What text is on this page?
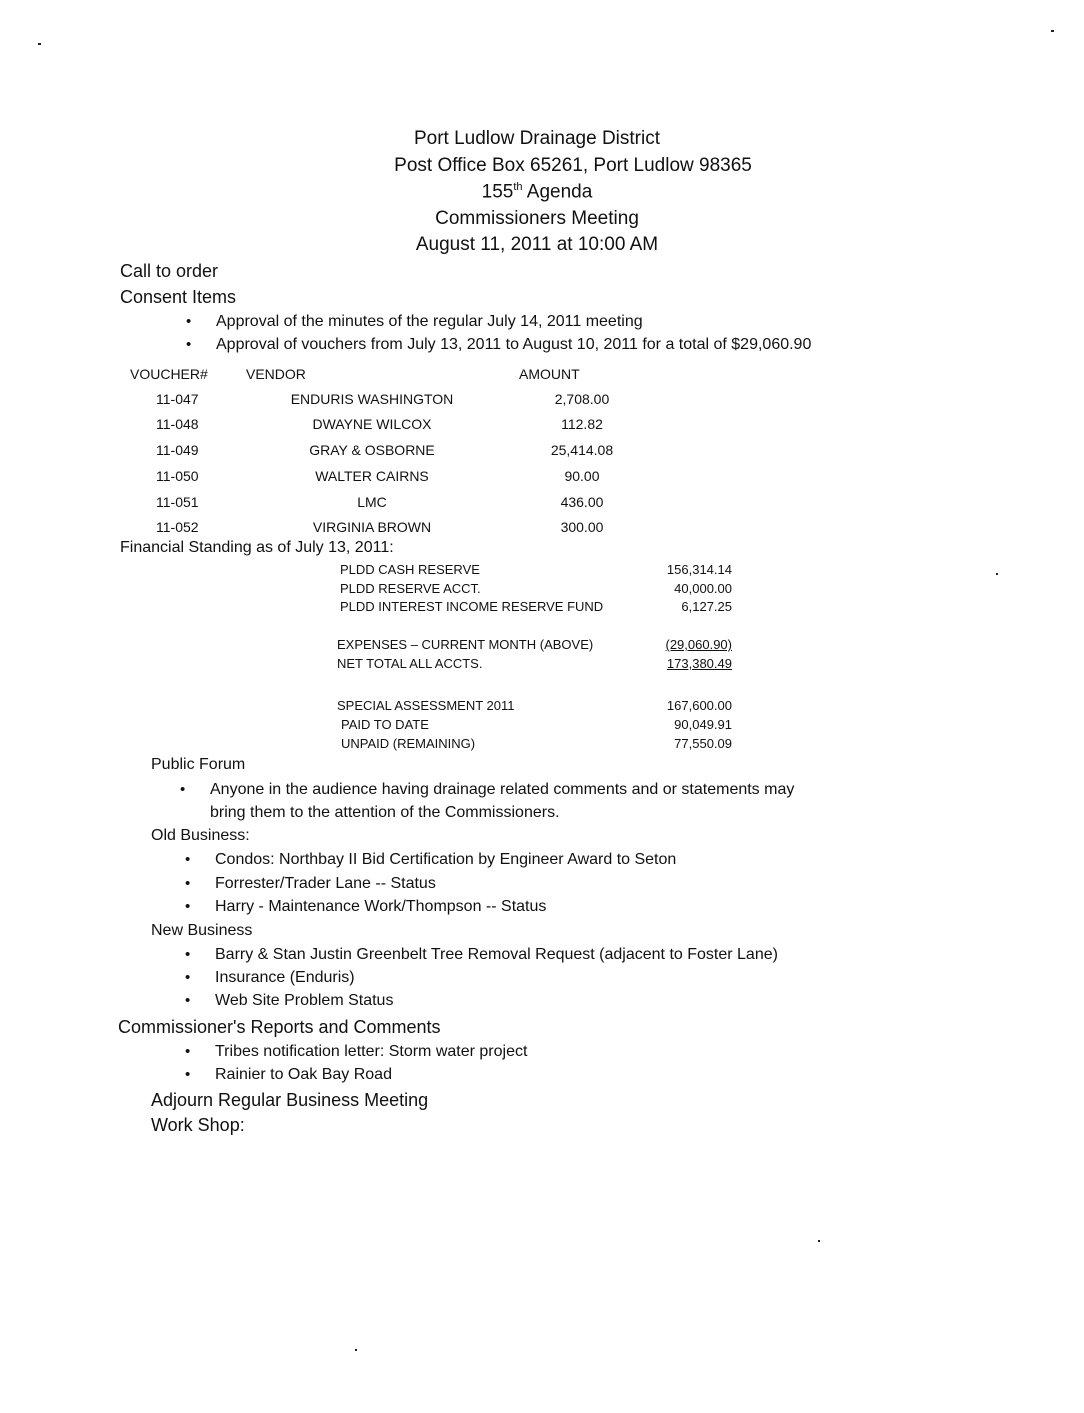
Port Ludlow Drainage District
Post Office Box 65261, Port Ludlow 98365
155th Agenda
Commissioners Meeting
August 11, 2011 at 10:00 AM
Call to order
Consent Items
• Approval of the minutes of the regular July 14, 2011 meeting
• Approval of vouchers from July 13, 2011 to August 10, 2011 for a total of $29,060.90
VOUCHER#	VENDOR	AMOUNT
11-047	ENDURIS WASHINGTON	2,708.00
11-048	DWAYNE WILCOX	112.82
11-049	GRAY & OSBORNE	25,414.08
11-050	WALTER CAIRNS	90.00
11-051	LMC	436.00
11-052	VIRGINIA BROWN	300.00
Financial Standing as of July 13, 2011:
PLDD CASH RESERVE	156,314.14
PLDD RESERVE ACCT.	40,000.00
PLDD INTEREST INCOME RESERVE FUND	6,127.25
EXPENSES – CURRENT MONTH (ABOVE)	(29,060.90)
NET TOTAL ALL ACCTS.	173,380.49
SPECIAL ASSESSMENT 2011	167,600.00
PAID TO DATE	90,049.91
UNPAID (REMAINING)	77,550.09
Public Forum
• Anyone in the audience having drainage related comments and or statements may
bring them to the attention of the Commissioners.
Old Business:
• Condos: Northbay II Bid Certification by Engineer Award to Seton
• Forrester/Trader Lane -- Status
• Harry - Maintenance Work/Thompson -- Status
New Business
• Barry & Stan Justin Greenbelt Tree Removal Request (adjacent to Foster Lane)
• Insurance (Enduris)
• Web Site Problem Status
Commissioner's Reports and Comments
• Tribes notification letter: Storm water project
• Rainier to Oak Bay Road
Adjourn Regular Business Meeting
Work Shop:
